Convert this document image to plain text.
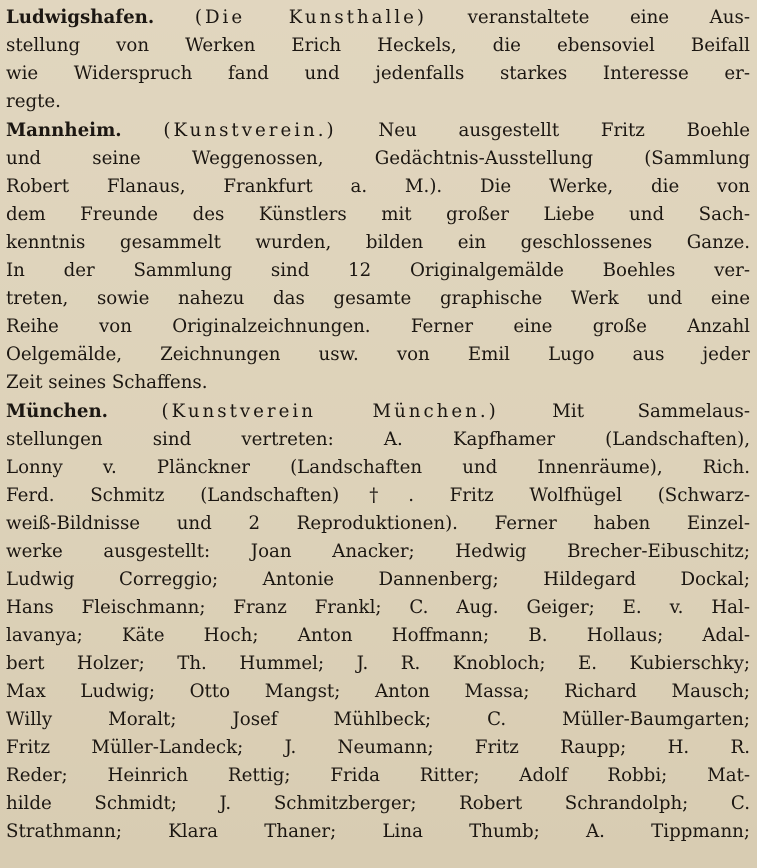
Ludwigshafen. (Die Kunsthalle) veranstaltete eine Aus-
stellung von Werken Erich Heckels, die ebensoviel Beifall
wie Widerspruch fand und jedenfalls starkes Interesse er-
regte.
Mannheim. (Kunstverein.) Neu ausgestellt Fritz Boehle
und seine Weggenossen, Gedächtnis-Ausstellung (Sammlung
Robert Flanaus, Frankfurt a. M.). Die Werke, die von
dem Freunde des Künstlers mit großer Liebe und Sach-
kenntnis gesammelt wurden, bilden ein geschlossenes Ganze.
In der Sammlung sind 12 Originalgemälde Boehles ver-
treten, sowie nahezu das gesamte graphische Werk und eine
Reihe von Originalzeichnungen. Ferner eine große Anzahl
Oelgemälde, Zeichnungen usw. von Emil Lugo aus jeder
Zeit seines Schaffens.
München.	(Kunstverein München.)	Mit Sammelaus-
stellungen sind vertreten: A. Kapfhamer (Landschaften),
Lonny v. Plänckner (Landschaften und Innenräume), Rich.
Ferd. Schmitz (Landschaften)†. Fritz Wolfhügel (Schwarz-
weiß-Bildnisse und 2 Reproduktionen). Ferner haben Einzel-
werke ausgestellt: Joan Anacker; Hedwig Brecher-Eibuschitz;
Ludwig Correggio; Antonie Dannenberg; Hildegard Dockal;
Hans Fleischmann; Franz Frankl; C. Aug. Geiger; E. v. Hal-
lavanya; Käte Hoch; Anton Hoffmann; B. Hollaus; Adal-
bert Holzer; Th. Hummel; J. R. Knobloch; E. Kubierschky;
Max Ludwig; Otto Mangst; Anton Massa; Richard Mausch;
Willy Moralt; Josef Mühlbeck; C. Müller-Baumgarten;
Fritz Müller-Landeck; J. Neumann; Fritz Raupp; H. R.
Reder; Heinrich Rettig; Frida Ritter; Adolf Robbi; Mat-
hilde Schmidt; J. Schmitzberger; Robert Schrandolph; C.
Strathmann; Klara Thaner; Lina Thumb; A. Tippmann;
